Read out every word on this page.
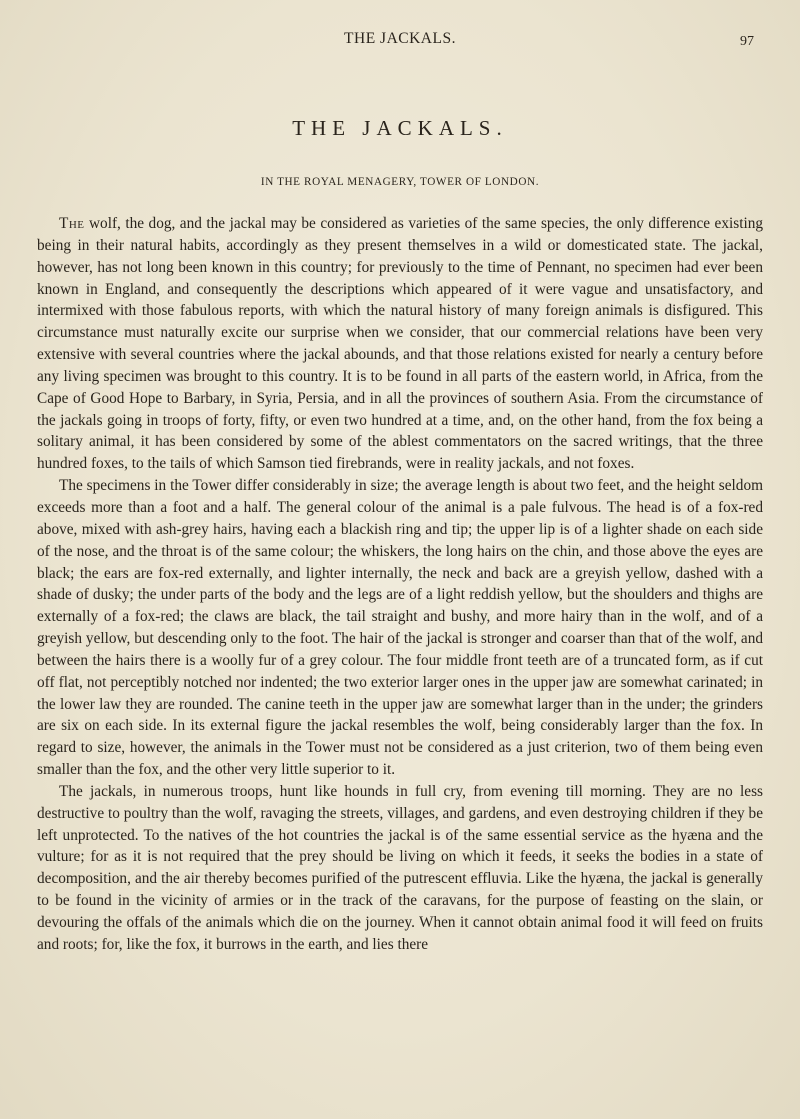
THE JACKALS.	97
THE JACKALS.
IN THE ROYAL MENAGERY, TOWER OF LONDON.

The wolf, the dog, and the jackal may be considered as varieties of the same species, the only difference existing being in their natural habits, accordingly as they present themselves in a wild or domesticated state. The jackal, however, has not long been known in this country; for previously to the time of Pennant, no specimen had ever been known in England, and consequently the descriptions which appeared of it were vague and unsatisfactory, and intermixed with those fabulous reports, with which the natural history of many foreign animals is disfigured. This circumstance must naturally excite our surprise when we consider, that our commercial relations have been very extensive with several countries where the jackal abounds, and that those relations existed for nearly a century before any living specimen was brought to this country. It is to be found in all parts of the eastern world, in Africa, from the Cape of Good Hope to Barbary, in Syria, Persia, and in all the provinces of southern Asia. From the circumstance of the jackals going in troops of forty, fifty, or even two hundred at a time, and, on the other hand, from the fox being a solitary animal, it has been considered by some of the ablest commentators on the sacred writings, that the three hundred foxes, to the tails of which Samson tied firebrands, were in reality jackals, and not foxes.

The specimens in the Tower differ considerably in size; the average length is about two feet, and the height seldom exceeds more than a foot and a half. The general colour of the animal is a pale fulvous. The head is of a fox-red above, mixed with ash-grey hairs, having each a blackish ring and tip; the upper lip is of a lighter shade on each side of the nose, and the throat is of the same colour; the whiskers, the long hairs on the chin, and those above the eyes are black; the ears are fox-red externally, and lighter internally, the neck and back are a greyish yellow, dashed with a shade of dusky; the under parts of the body and the legs are of a light reddish yellow, but the shoulders and thighs are externally of a fox-red; the claws are black, the tail straight and bushy, and more hairy than in the wolf, and of a greyish yellow, but descending only to the foot. The hair of the jackal is stronger and coarser than that of the wolf, and between the hairs there is a woolly fur of a grey colour. The four middle front teeth are of a truncated form, as if cut off flat, not perceptibly notched nor indented; the two exterior larger ones in the upper jaw are somewhat carinated; in the lower law they are rounded. The canine teeth in the upper jaw are somewhat larger than in the under; the grinders are six on each side. In its external figure the jackal resembles the wolf, being considerably larger than the fox. In regard to size, however, the animals in the Tower must not be considered as a just criterion, two of them being even smaller than the fox, and the other very little superior to it.

The jackals, in numerous troops, hunt like hounds in full cry, from evening till morning. They are no less destructive to poultry than the wolf, ravaging the streets, villages, and gardens, and even destroying children if they be left unprotected. To the natives of the hot countries the jackal is of the same essential service as the hyæna and the vulture; for as it is not required that the prey should be living on which it feeds, it seeks the bodies in a state of decomposition, and the air thereby becomes purified of the putrescent effluvia. Like the hyæna, the jackal is generally to be found in the vicinity of armies or in the track of the caravans, for the purpose of feasting on the slain, or devouring the offals of the animals which die on the journey. When it cannot obtain animal food it will feed on fruits and roots; for, like the fox, it burrows in the earth, and lies there
